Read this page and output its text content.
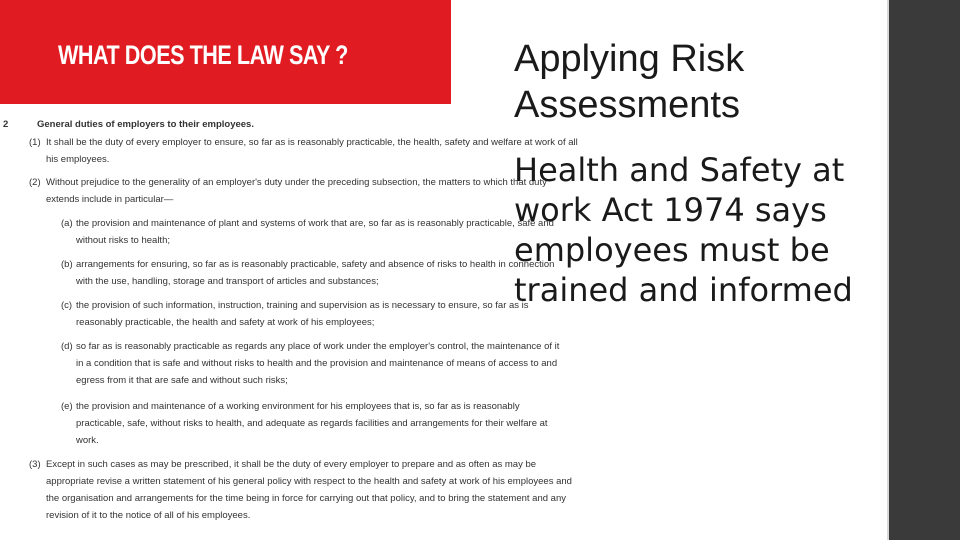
WHAT DOES THE LAW SAY ?
2	General duties of employers to their employees.
(1) It shall be the duty of every employer to ensure, so far as is reasonably practicable, the health, safety and welfare at work of all
his employees.
(2) Without prejudice to the generality of an employer's duty under the preceding subsection, the matters to which that duty
extends include in particular—
(a) the provision and maintenance of plant and systems of work that are, so far as is reasonably practicable, safe and
without risks to health;
(b) arrangements for ensuring, so far as is reasonably practicable, safety and absence of risks to health in connection
with the use, handling, storage and transport of articles and substances;
(c) the provision of such information, instruction, training and supervision as is necessary to ensure, so far as is
reasonably practicable, the health and safety at work of his employees;
(d) so far as is reasonably practicable as regards any place of work under the employer's control, the maintenance of it
in a condition that is safe and without risks to health and the provision and maintenance of means of access to and
egress from it that are safe and without such risks;
(e) the provision and maintenance of a working environment for his employees that is, so far as is reasonably
practicable, safe, without risks to health, and adequate as regards facilities and arrangements for their welfare at
work.
(3) Except in such cases as may be prescribed, it shall be the duty of every employer to prepare and as often as may be
appropriate revise a written statement of his general policy with respect to the health and safety at work of his employees and
the organisation and arrangements for the time being in force for carrying out that policy, and to bring the statement and any
revision of it to the notice of all of his employees.
Applying Risk
Assessments
Health and Safety at
work Act 1974 says
employees must be
trained and informed
